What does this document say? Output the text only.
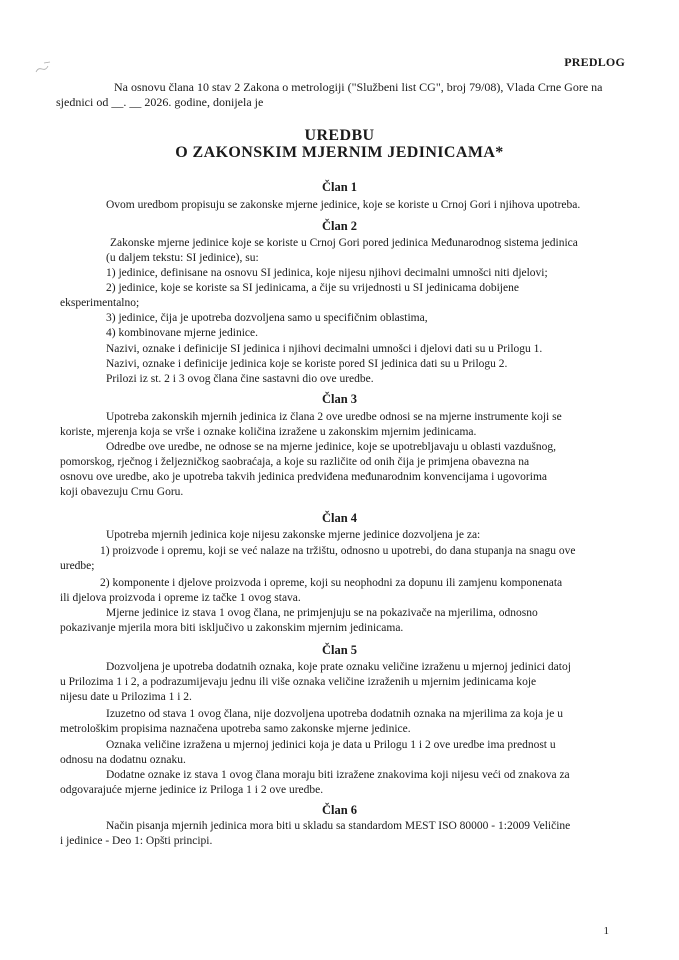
PREDLOG
Na osnovu člana 10 stav 2 Zakona o metrologiji ("Službeni list CG", broj 79/08), Vlada Crne Gore na sjednici od __. __ 2026. godine, donijela je
UREDBU
O ZAKONSKIM MJERNIM JEDINICAMA*
Član 1
Ovom uredbom propisuju se zakonske mjerne jedinice, koje se koriste u Crnoj Gori i njihova upotreba.
Član 2
Zakonske mjerne jedinice koje se koriste u Crnoj Gori pored jedinica Međunarodnog sistema jedinica
(u daljem tekstu: SI jedinice), su:
1) jedinice, definisane na osnovu SI jedinica, koje nijesu njihovi decimalni umnošci niti djelovi;
2) jedinice, koje se koriste sa SI jedinicama, a čije su vrijednosti u SI jedinicama dobijene
eksperimentalno;
3) jedinice, čija je upotreba dozvoljena samo u specifičnim oblastima,
4) kombinovane mjerne jedinice.
Nazivi, oznake i definicije SI jedinica i njihovi decimalni umnošci i djelovi dati su u Prilogu 1.
Nazivi, oznake i definicije jedinica koje se koriste pored SI jedinica dati su u Prilogu 2.
Prilozi iz st. 2 i 3 ovog člana čine sastavni dio ove uredbe.
Član 3
Upotreba zakonskih mjernih jedinica iz člana 2 ove uredbe odnosi se na mjerne instrumente koji se
koriste, mjerenja koja se vrše i oznake količina izražene u zakonskim mjernim jedinicama.
Odredbe ove uredbe, ne odnose se na mjerne jedinice, koje se upotrebljavaju u oblasti vazdušnog,
pomorskog, rječnog i željezničkog saobraćaja, a koje su različite od onih čija je primjena obavezna na
osnovu ove uredbe, ako je upotreba takvih jedinica predviđena međunarodnim konvencijama i ugovorima
koji obavezuju Crnu Goru.
Član 4
Upotreba mjernih jedinica koje nijesu zakonske mjerne jedinice dozvoljena je za:
1) proizvode i opremu, koji se već nalaze na tržištu, odnosno u upotrebi, do dana stupanja na snagu ove
uredbe;
2) komponente i djelove proizvoda i opreme, koji su neophodni za dopunu ili zamjenu komponenata
ili djelova proizvoda i opreme iz tačke 1 ovog stava.
Mjerne jedinice iz stava 1 ovog člana, ne primjenjuju se na pokazivače na mjerilima, odnosno
pokazivanje mjerila mora biti isključivo u zakonskim mjernim jedinicama.
Član 5
Dozvoljena je upotreba dodatnih oznaka, koje prate oznaku veličine izraženu u mjernoj jedinici datoj
u Prilozima 1 i 2, a podrazumijevaju jednu ili više oznaka veličine izraženih u mjernim jedinicama koje
nijesu date u Prilozima 1 i 2.
Izuzetno od stava 1 ovog člana, nije dozvoljena upotreba dodatnih oznaka na mjerilima za koja je u
metrološkim propisima naznačena upotreba samo zakonske mjerne jedinice.
Oznaka veličine izražena u mjernoj jedinici koja je data u Prilogu 1 i 2 ove uredbe ima prednost u
odnosu na dodatnu oznaku.
Dodatne oznake iz stava 1 ovog člana moraju biti izražene znakovima koji nijesu veći od znakova za
odgovarajuće mjerne jedinice iz Priloga 1 i 2 ove uredbe.
Član 6
Način pisanja mjernih jedinica mora biti u skladu sa standardom MEST ISO 80000 - 1:2009 Veličine
i jedinice - Deo 1: Opšti principi.
1
